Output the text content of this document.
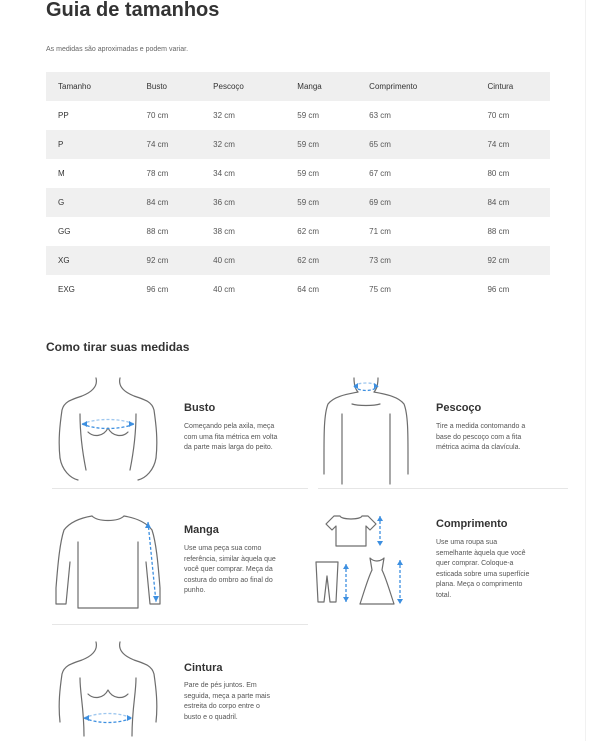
Guia de tamanhos
As medidas são aproximadas e podem variar.
Tamanho	Busto	Pescoço	Manga	Comprimento	Cintura
PP	70 cm	32 cm	59 cm	63 cm	70 cm
P	74 cm	32 cm	59 cm	65 cm	74 cm
M	78 cm	34 cm	59 cm	67 cm	80 cm
G	84 cm	36 cm	59 cm	69 cm	84 cm
GG	88 cm	38 cm	62 cm	71 cm	88 cm
XG	92 cm	40 cm	62 cm	73 cm	92 cm
EXG	96 cm	40 cm	64 cm	75 cm	96 cm
Como tirar suas medidas
Busto
Começando pela axila, meça
com uma fita métrica em volta
da parte mais larga do peito.
Pescoço
Tire a medida contornando a
base do pescoço com a fita
métrica acima da clavícula.
Manga
Use uma peça sua como
referência, similar àquela que
você quer comprar. Meça da
costura do ombro ao final do
punho.
Comprimento
Use uma roupa sua
semelhante àquela que você
quer comprar. Coloque-a
esticada sobre uma superfície
plana. Meça o comprimento
total.
Cintura
Pare de pés juntos. Em
seguida, meça a parte mais
estreita do corpo entre o
busto e o quadril.
